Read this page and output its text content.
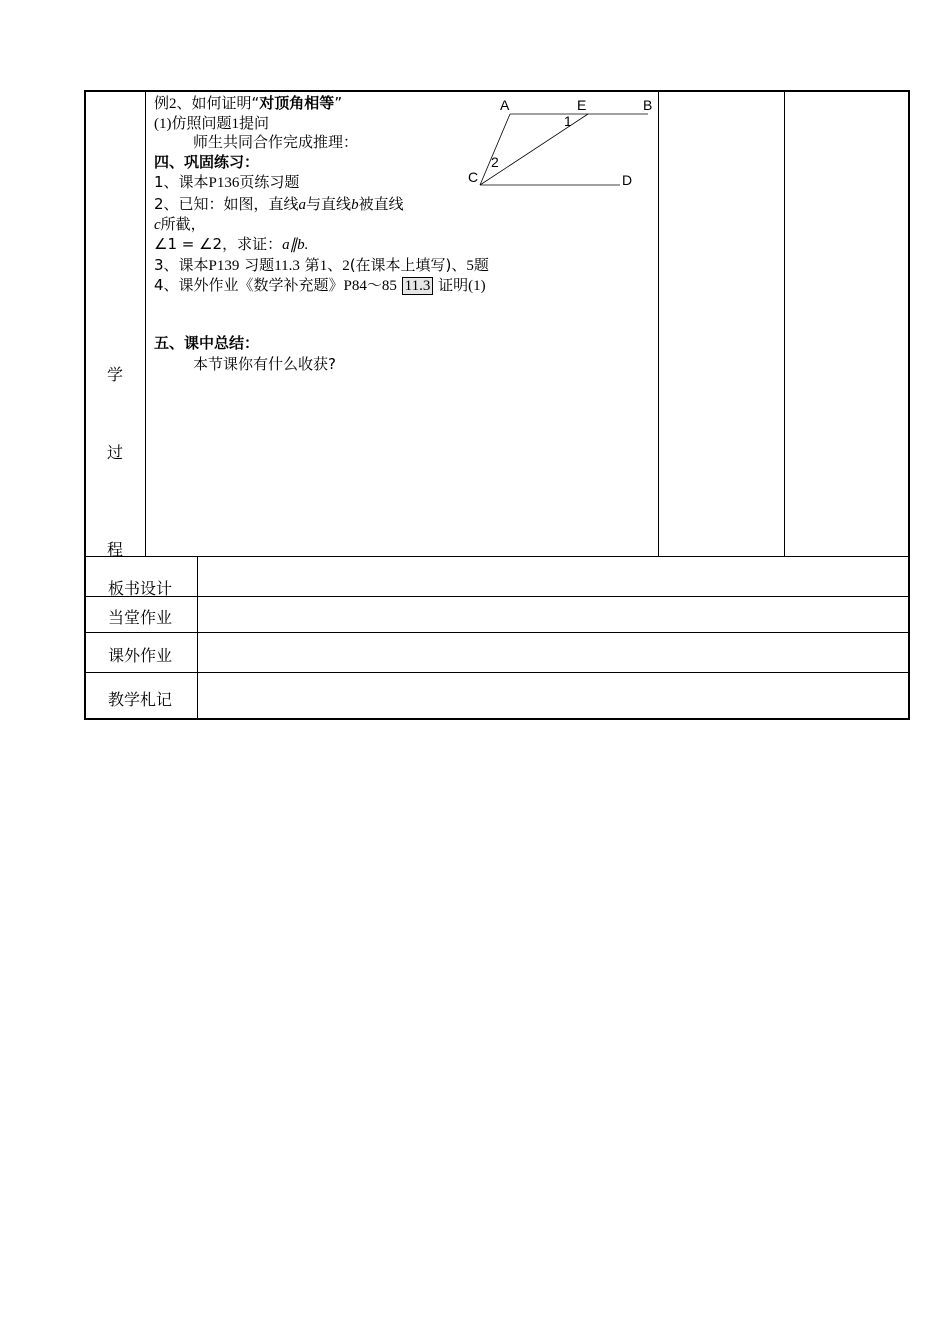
学
过
程
例2、如何证明“对顶角相等”
(1)仿照问题1提问
师生共同合作完成推理：
四、巩固练习：
1、课本P136页练习题
2、已知：如图，直线a与直线b被直线
c所截，
∠1 = ∠2，求证：a∥b.
3、课本P139 习题11.3 第1、2(在课本上填写)、5题
4、课外作业《数学补充题》P84～85 11.3 证明(1)
五、课中总结：
本节课你有什么收获?
A	E	B
1
2
C	D
板书设计
当堂作业
课外作业
教学札记
